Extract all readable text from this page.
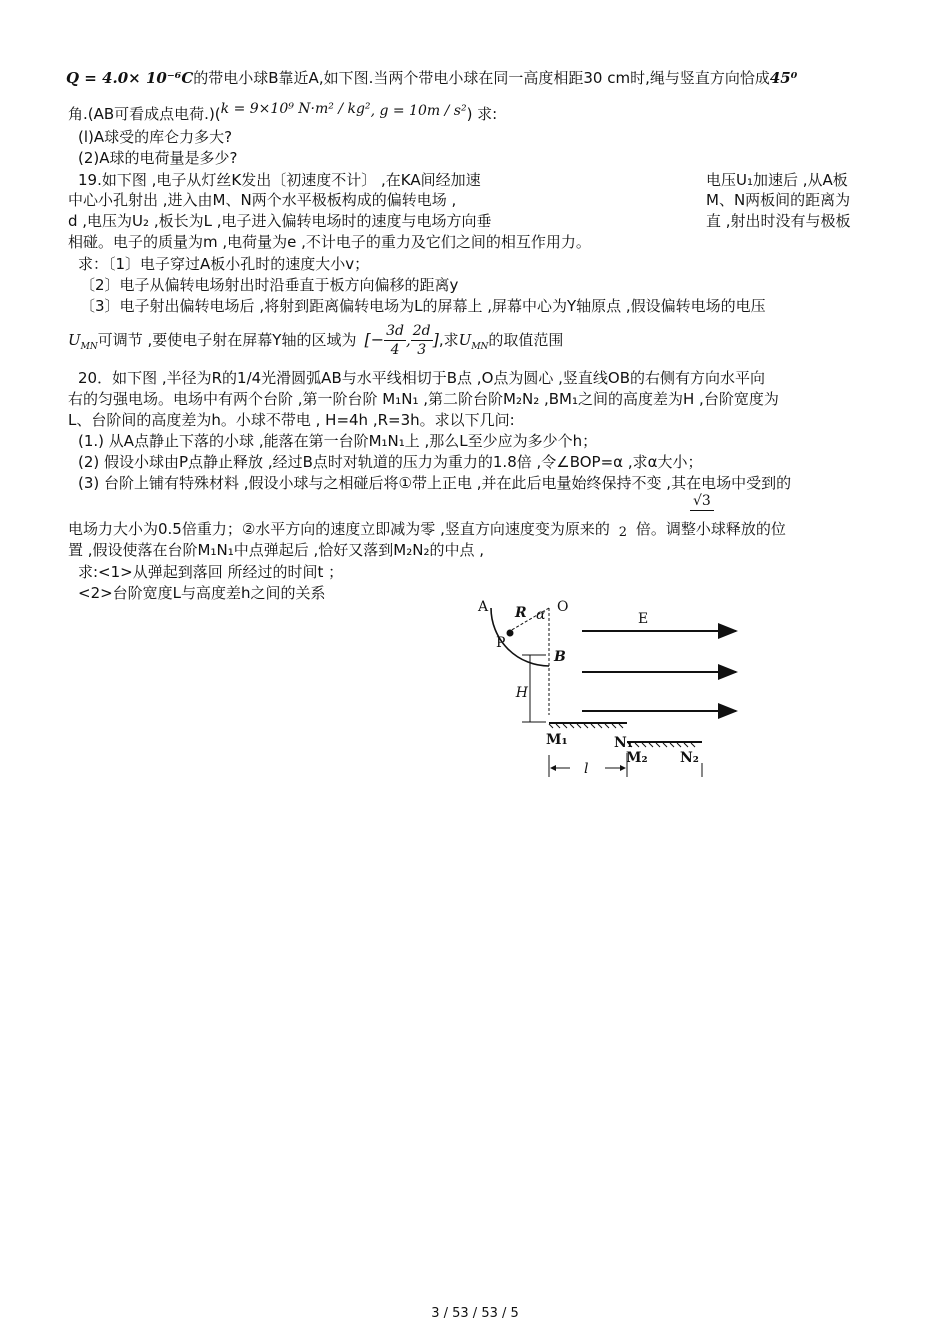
Q = 4.0× 10⁻⁶C的带电小球B靠近A,如下图.当两个带电小球在同一高度相距30 cm时,绳与竖直方向恰成45⁰
角.(AB可看成点电荷.)(k = 9×10⁹ N·m² / kg², g = 10m / s²) 求:
(l)A球受的库仑力多大?
(2)A球的电荷量是多少?
19.如下图 ,电子从灯丝K发出〔初速度不计〕 ,在KA间经加速	电压U₁加速后 ,从A板
中心小孔射出 ,进入由M、N两个水平极板构成的偏转电场 ,	M、N两板间的距离为
d ,电压为U₂ ,板长为L ,电子进入偏转电场时的速度与电场方向垂	直 ,射出时没有与极板
相碰。电子的质量为m ,电荷量为e ,不计电子的重力及它们之间的相互作用力。
求：〔1〕电子穿过A板小孔时的速度大小v；
〔2〕电子从偏转电场射出时沿垂直于板方向偏移的距离y
〔3〕电子射出偏转电场后 ,将射到距离偏转电场为L的屏幕上 ,屏幕中心为Y轴原点 ,假设偏转电场的电压
$U_{MN}$可调节 ,要使电子射在屏幕Y轴的区域为 [− $\frac{3d}{4}$ , $\frac{2d}{3}$ ],求$U_{MN}$的取值范围
20．如下图 ,半径为R的1/4光滑圆弧AB与水平线相切于B点 ,O点为圆心 ,竖直线OB的右侧有方向水平向
右的匀强电场。电场中有两个台阶 ,第一阶台阶 M₁N₁ ,第二阶台阶M₂N₂ ,BM₁之间的高度差为H ,台阶宽度为
L、台阶间的高度差为h。小球不带电 , H=4h ,R=3h。求以下几问:
(1.) 从A点静止下落的小球 ,能落在第一台阶M₁N₁上 ,那么L至少应为多少个h；
(2) 假设小球由P点静止释放 ,经过B点时对轨道的压力为重力的1.8倍 ,令∠BOP=α ,求α大小；
(3) 台阶上铺有特殊材料 ,假设小球与之相碰后将①带上正电 ,并在此后电量始终保持不变 ,其在电场中受到的
√3
电场力大小为0.5倍重力；②水平方向的速度立即减为零 ,竖直方向速度变为原来的 2 倍。调整小球释放的位
置 ,假设使落在台阶M₁N₁中点弹起后 ,恰好又落到M₂N₂的中点 ,
求:<1>从弹起到落回 所经过的时间t ；
<2>台阶宽度L与高度差h之间的关系
A R α O
P
B
E
H
M₁	N₁
M₂ N₂
l
3 / 53 / 53 / 5
